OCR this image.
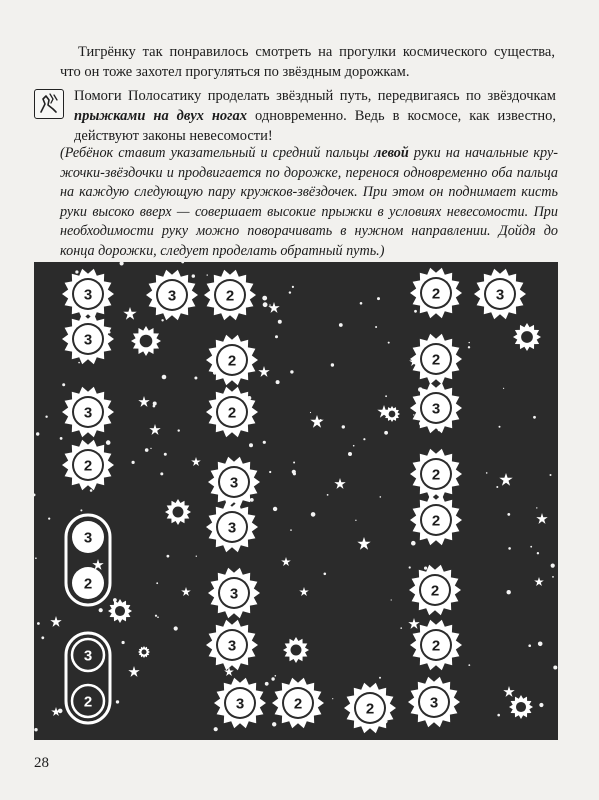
Тигрёнку так понравилось смотреть на прогулки космического существа, что он тоже захотел прогуляться по звёздным дорожкам.

Помоги Полосатику проделать звёздный путь, передвигаясь по звёздочкам прыжками на двух ногах одновременно. Ведь в космосе, как известно, действуют законы невесомости!

(Ребёнок ставит указательный и средний пальцы левой руки на начальные кружочки-звёздочки и продвигается по дорожке, перенося одновременно оба пальца на каждую следующую пару кружков-звёздочек. При этом он поднимает кисть руки высоко вверх — совершает высокие прыжки в условиях невесомости. При необходимости руку можно поворачивать в нужном направлении. Дойдя до конца дорожки, следует проделать обратный путь.)

3	3	2	2	3
3
2	2
3	2	3
2
3	2
3	2
3	2
3	2
3	2	2	3
3
2
3
2
28
